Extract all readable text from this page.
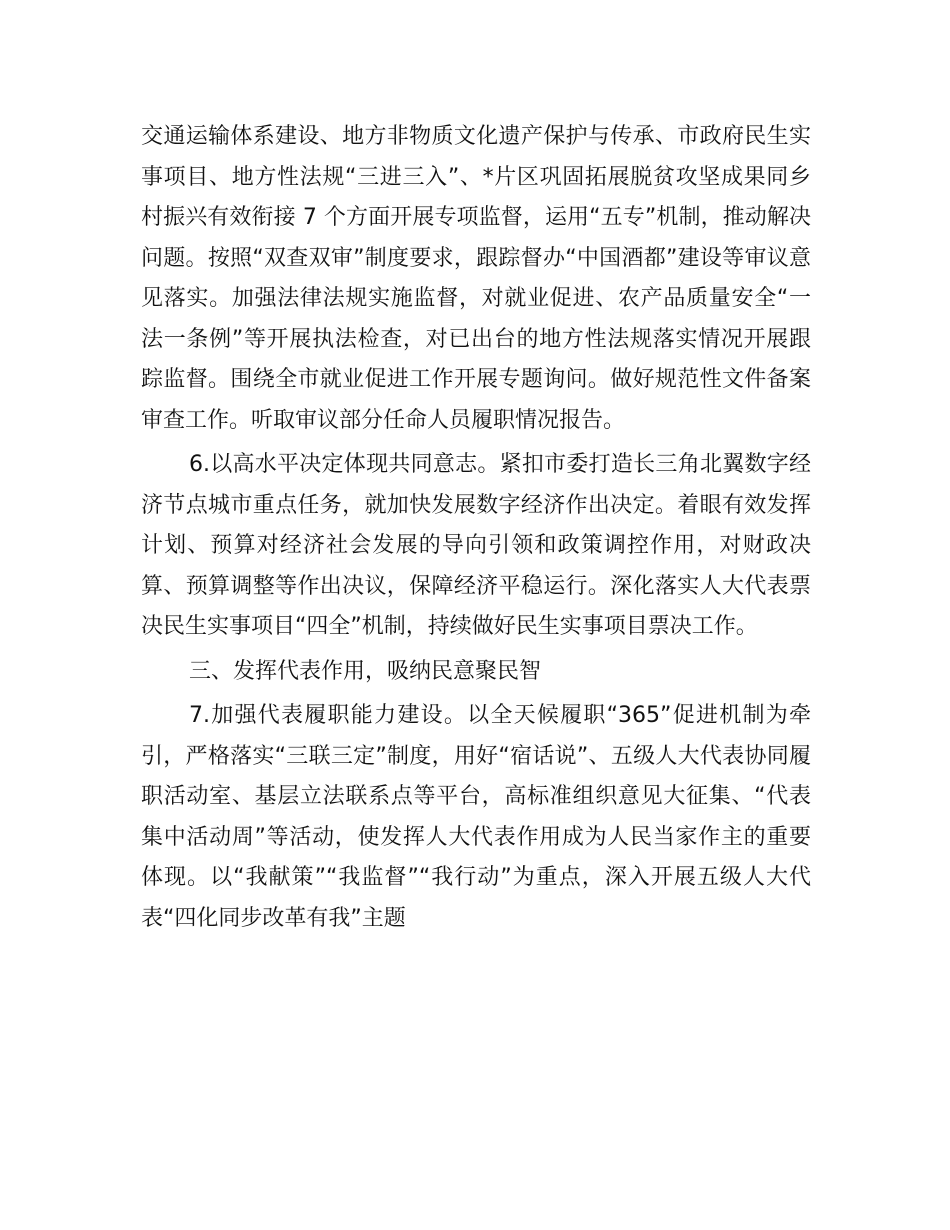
交通运输体系建设、地方非物质文化遗产保护与传承、市政府民生实事项目、地方性法规“三进三入”、*片区巩固拓展脱贫攻坚成果同乡村振兴有效衔接 7 个方面开展专项监督，运用“五专”机制，推动解决问题。按照“双查双审”制度要求，跟踪督办“中国酒都”建设等审议意见落实。加强法律法规实施监督，对就业促进、农产品质量安全“一法一条例”等开展执法检查，对已出台的地方性法规落实情况开展跟踪监督。围绕全市就业促进工作开展专题询问。做好规范性文件备案审查工作。听取审议部分任命人员履职情况报告。

6.以高水平决定体现共同意志。紧扣市委打造长三角北翼数字经济节点城市重点任务，就加快发展数字经济作出决定。着眼有效发挥计划、预算对经济社会发展的导向引领和政策调控作用，对财政决算、预算调整等作出决议，保障经济平稳运行。深化落实人大代表票决民生实事项目“四全”机制，持续做好民生实事项目票决工作。

三、发挥代表作用，吸纳民意聚民智

7.加强代表履职能力建设。以全天候履职“365”促进机制为牵引，严格落实“三联三定”制度，用好“宿话说”、五级人大代表协同履职活动室、基层立法联系点等平台，高标准组织意见大征集、“代表集中活动周”等活动，使发挥人大代表作用成为人民当家作主的重要体现。以“我献策”“我监督”“我行动”为重点，深入开展五级人大代表“四化同步改革有我”主题
